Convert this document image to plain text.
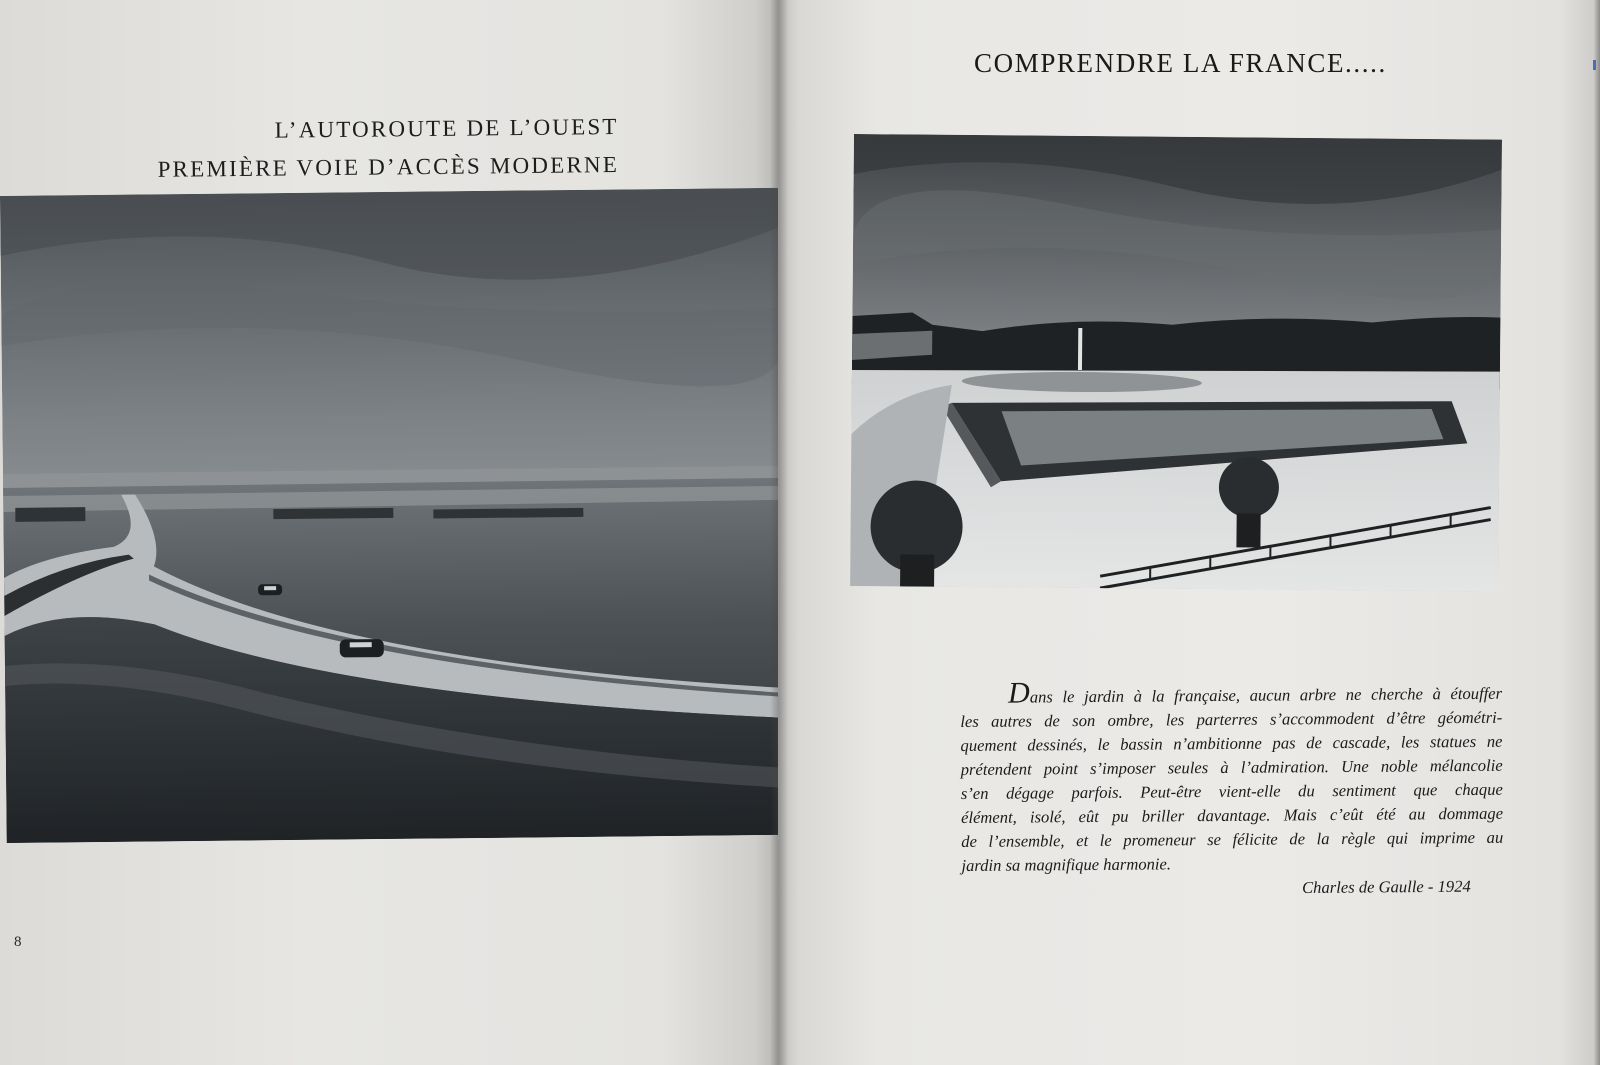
L’AUTOROUTE DE L’OUEST
PREMIÈRE VOIE D’ACCÈS MODERNE
8
COMPRENDRE LA FRANCE.....
Dans le jardin à la française, aucun arbre ne cherche à étouffer
les autres de son ombre, les parterres s’accommodent d’être géométri-
quement dessinés, le bassin n’ambitionne pas de cascade, les statues ne
prétendent point s’imposer seules à l’admiration. Une noble mélancolie
s’en dégage parfois. Peut-être vient-elle du sentiment que chaque
élément, isolé, eût pu briller davantage. Mais c’eût été au dommage
de l’ensemble, et le promeneur se félicite de la règle qui imprime au
jardin sa magnifique harmonie.
Charles de Gaulle - 1924
